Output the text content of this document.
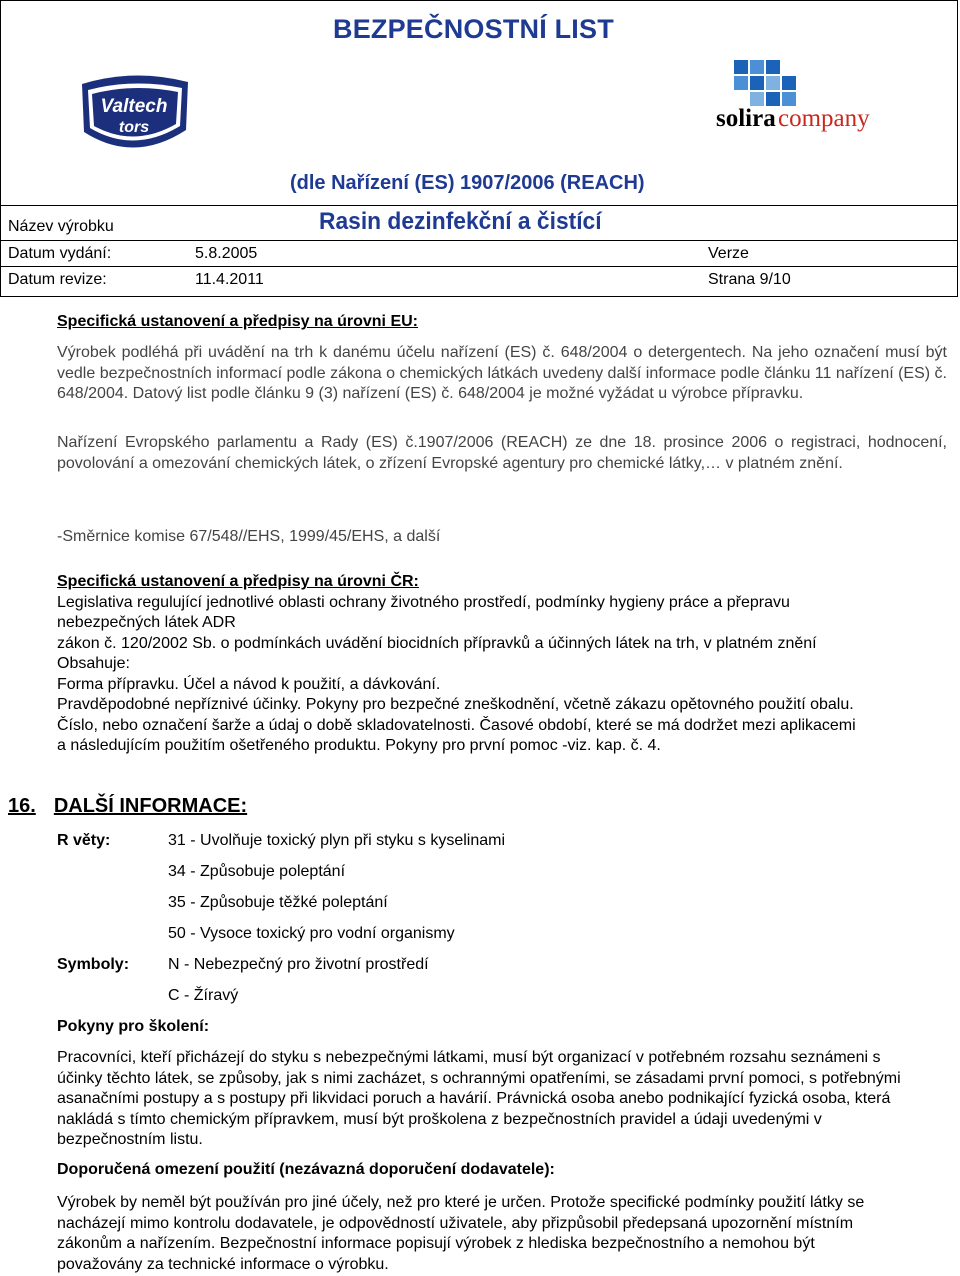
BEZPEČNOSTNÍ LIST
Valtech
tors	solira company
(dle Nařízení (ES) 1907/2006 (REACH)
Název výrobku	Rasin dezinfekční a čistící
Datum vydání:	5.8.2005	Verze
Datum revize:	11.4.2011	Strana 9/10
Specifická ustanovení a předpisy na úrovni EU:
Výrobek podléhá při uvádění na trh k danému účelu nařízení (ES) č. 648/2004 o detergentech. Na jeho označení musí být vedle bezpečnostních informací podle zákona o chemických látkách uvedeny další informace podle článku 11 nařízení (ES) č. 648/2004. Datový list podle článku 9 (3) nařízení (ES) č. 648/2004 je možné vyžádat u výrobce přípravku.
Nařízení Evropského parlamentu a Rady (ES) č.1907/2006 (REACH) ze dne 18. prosince 2006 o registraci, hodnocení, povolování a omezování chemických látek, o zřízení Evropské agentury pro chemické látky,… v platném znění.
-Směrnice komise 67/548//EHS, 1999/45/EHS, a další
Specifická ustanovení a předpisy na úrovni ČR:
Legislativa regulující jednotlivé oblasti ochrany životného prostředí, podmínky hygieny práce a přepravu nebezpečných látek ADR
zákon č. 120/2002 Sb. o podmínkách uvádění biocidních přípravků a účinných látek na trh, v platném znění
Obsahuje:
Forma přípravku. Účel a návod k použití, a dávkování.
Pravděpodobné nepříznivé účinky. Pokyny pro bezpečné zneškodnění, včetně zákazu opětovného použití obalu. Číslo, nebo označení šarže a údaj o době skladovatelnosti. Časové období, které se má dodržet mezi aplikacemi a následujícím použitím ošetřeného produktu. Pokyny pro první pomoc -viz. kap. č. 4.
16. DALŠÍ INFORMACE:
R věty:	31 - Uvolňuje toxický plyn při styku s kyselinami
34 - Způsobuje poleptání
35 - Způsobuje těžké poleptání
50 - Vysoce toxický pro vodní organismy
Symboly: N - Nebezpečný pro životní prostředí
C - Žíravý
Pokyny pro školení:
Pracovníci, kteří přicházejí do styku s nebezpečnými látkami, musí být organizací v potřebném rozsahu seznámeni s účinky těchto látek, se způsoby, jak s nimi zacházet, s ochrannými opatřeními, se zásadami první pomoci, s potřebnými asanačními postupy a s postupy při likvidaci poruch a havárií. Právnická osoba anebo podnikající fyzická osoba, která nakládá s tímto chemickým přípravkem, musí být proškolena z bezpečnostních pravidel a údaji uvedenými v bezpečnostním listu.
Doporučená omezení použití (nezávazná doporučení dodavatele):
Výrobek by neměl být používán pro jiné účely, než pro které je určen. Protože specifické podmínky použití látky se nacházejí mimo kontrolu dodavatele, je odpovědností uživatele, aby přizpůsobil předepsaná upozornění místním zákonům a nařízením. Bezpečnostní informace popisují výrobek z hlediska bezpečnostního a nemohou být považovány za technické informace o výrobku.
